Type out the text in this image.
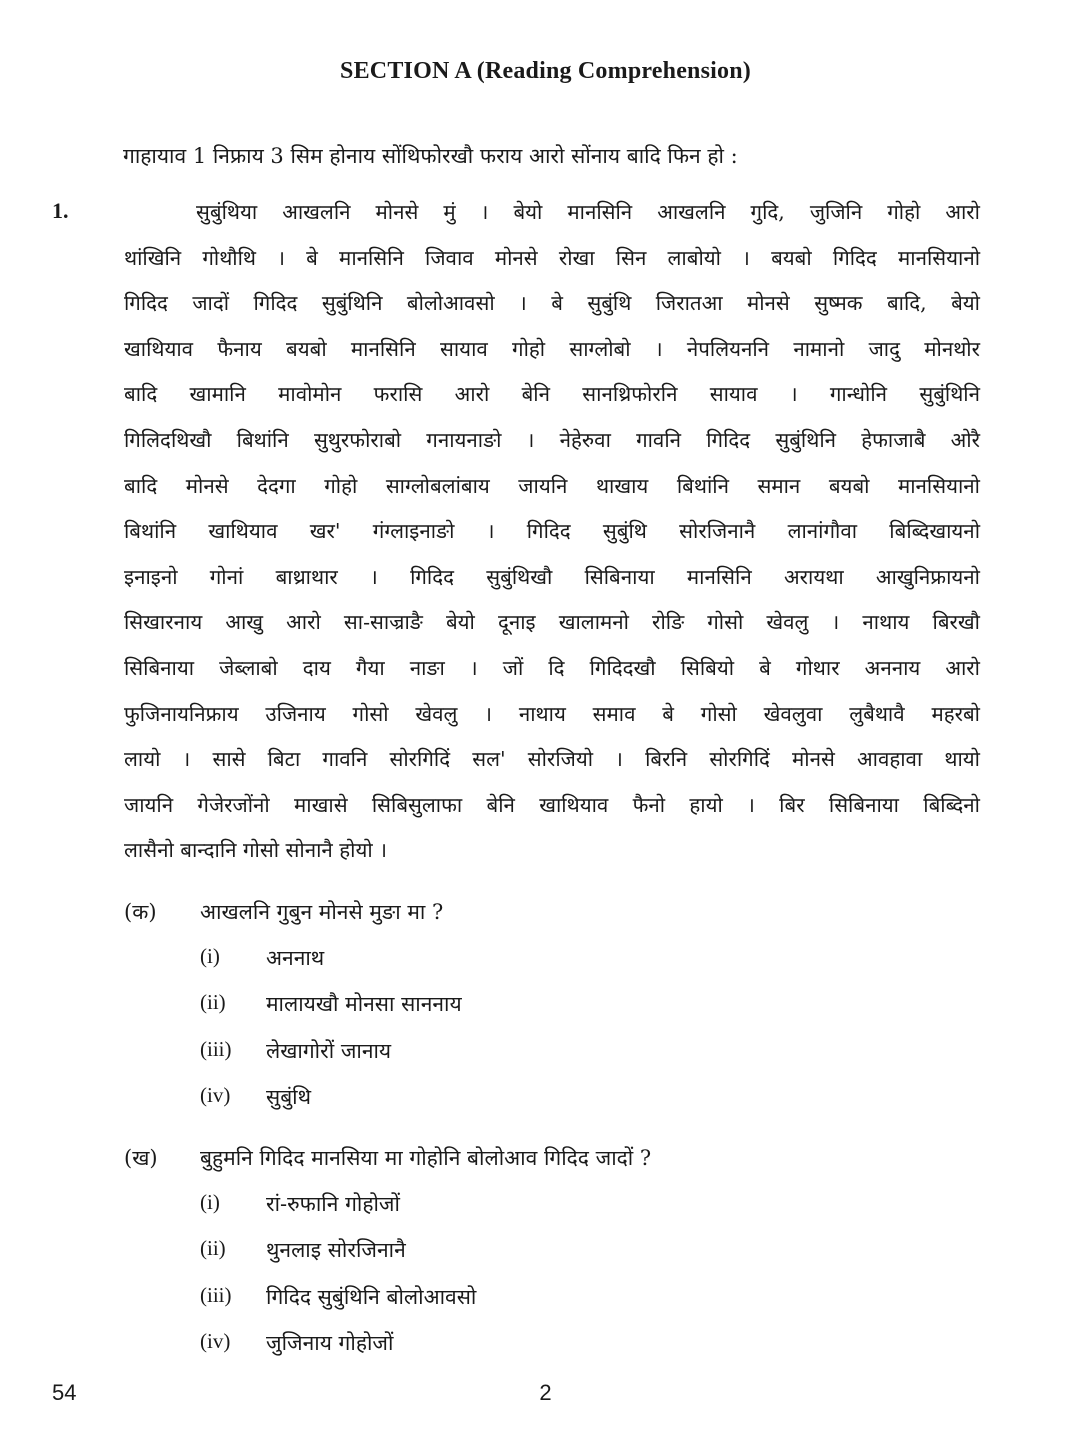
SECTION A (Reading Comprehension)
गाहायाव 1 निफ्राय 3 सिम होनाय सोंथिफोरखौ फराय आरो सोंनाय बादि फिन हो :
1.	सुबुंथिया आखलनि मोनसे मुं । बेयो मानसिनि आखलनि गुदि, जुजिनि गोहो आरो
थांखिनि गोथौथि । बे मानसिनि जिवाव मोनसे रोखा सिन लाबोयो । बयबो गिदिद मानसियानो
गिदिद जादों गिदिद सुबुंथिनि बोलोआवसो । बे सुबुंथि जिरातआ मोनसे सुष्मक बादि, बेयो
खाथियाव फैनाय बयबो मानसिनि सायाव गोहो साग्लोबो । नेपलियननि नामानो जादु मोनथोर
बादि खामानि मावोमोन फरासि आरो बेनि सानथ्रिफोरनि सायाव । गान्धोनि सुबुंथिनि
गिलिदथिखौ बिथांनि सुथुरफोराबो गनायनाङो । नेहेरुवा गावनि गिदिद सुबुंथिनि हेफाजाबै ओरै
बादि मोनसे देदगा गोहो साग्लोबलांबाय जायनि थाखाय बिथांनि समान बयबो मानसियानो
बिथांनि खाथियाव खर' गंग्लाइनाङो । गिदिद सुबुंथि सोरजिनानै लानांगौवा बिब्दिखायनो
इनाइनो गोनां बाथ्राथार । गिदिद सुबुंथिखौ सिबिनाया मानसिनि अरायथा आखुनिफ्रायनो
सिखारनाय आखु आरो सा-साज्राङै बेयो दूनाइ खालामनो रोङि गोसो खेवलु । नाथाय बिरखौ
सिबिनाया जेब्लाबो दाय गैया नाङा । जों दि गिदिदखौ सिबियो बे गोथार अननाय आरो
फुजिनायनिफ्राय उजिनाय गोसो खेवलु । नाथाय समाव बे गोसो खेवलुवा लुबैथावै महरबो
लायो । सासे बिटा गावनि सोरगिदिं सल' सोरजियो । बिरनि सोरगिदिं मोनसे आवहावा थायो
जायनि गेजेरजोंनो माखासे सिबिसुलाफा बेनि खाथियाव फैनो हायो । बिर सिबिनाया बिब्दिनो
लासैनो बान्दानि गोसो सोनानै होयो ।
(क) आखलनि गुबुन मोनसे मुङा मा ?
(i) अननाथ
(ii) मालायखौ मोनसा साननाय
(iii) लेखागोरों जानाय
(iv) सुबुंथि
(ख) बुहुमनि गिदिद मानसिया मा गोहोनि बोलोआव गिदिद जादों ?
(i) रां-रुफानि गोहोजों
(ii) थुनलाइ सोरजिनानै
(iii) गिदिद सुबुंथिनि बोलोआवसो
(iv) जुजिनाय गोहोजों
54	2
